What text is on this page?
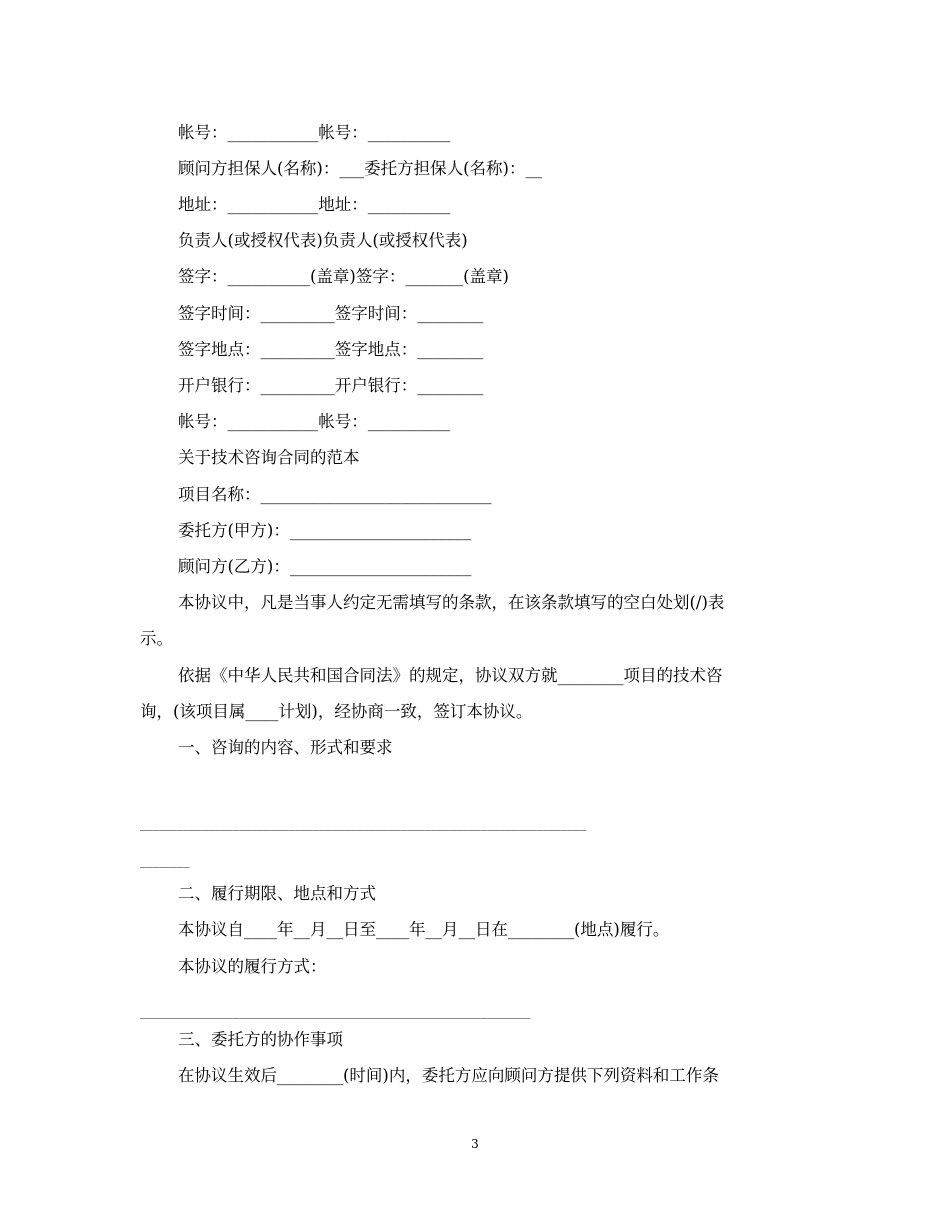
帐号：___________帐号：__________
顾问方担保人(名称)：___委托方担保人(名称)：__
地址：___________地址：__________
负责人(或授权代表)负责人(或授权代表)
签字：__________(盖章)签字：_______(盖章)
签字时间：_________签字时间：________
签字地点：_________签字地点：________
开户银行：_________开户银行：________
帐号：___________帐号：__________
关于技术咨询合同的范本
项目名称：____________________________
委托方(甲方)：______________________
顾问方(乙方)：______________________
本协议中，凡是当事人约定无需填写的条款，在该条款填写的空白处划(/)表
示。
依据《中华人民共和国合同法》的规定，协议双方就________项目的技术咨
询，(该项目属____计划)，经协商一致，签订本协议。
一、咨询的内容、形式和要求
________________________________________________________________________
________
二、履行期限、地点和方式
本协议自____年__月__日至____年__月__日在________(地点)履行。
本协议的履行方式：
_______________________________________________________________
三、委托方的协作事项
在协议生效后________(时间)内，委托方应向顾问方提供下列资料和工作条
3
